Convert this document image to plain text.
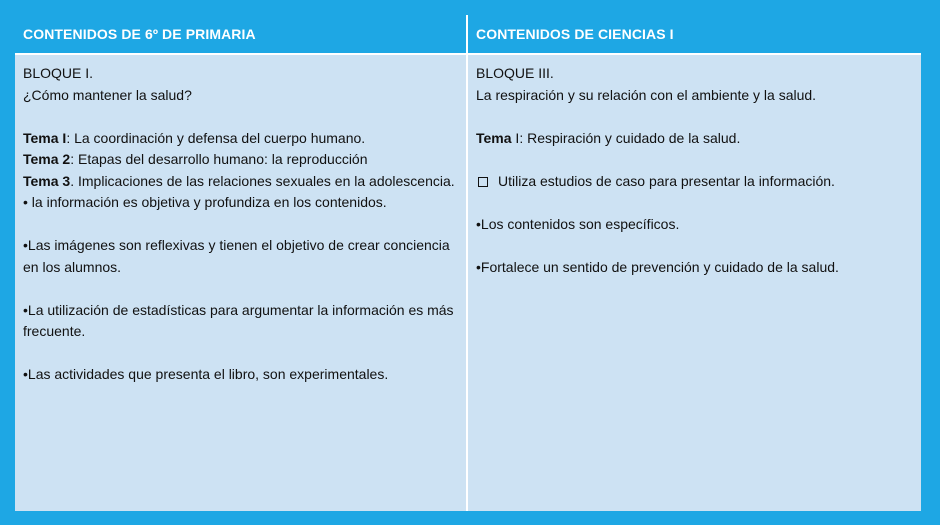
CONTENIDOS DE 6º DE PRIMARIA	CONTENIDOS DE CIENCIAS I
BLOQUE I.
¿Cómo mantener la salud?
Tema I: La coordinación y defensa del cuerpo humano.
Tema 2: Etapas del desarrollo humano: la reproducción
Tema 3. Implicaciones de las relaciones sexuales en la adolescencia.
• la información es objetiva y profundiza en los contenidos.
•Las imágenes son reflexivas y tienen el objetivo de crear conciencia en los alumnos.
•La utilización de estadísticas para argumentar la información es más frecuente.
•Las actividades que presenta el libro, son experimentales.
BLOQUE III.
La respiración y su relación con el ambiente y la salud.
Tema I: Respiración y cuidado de la salud.
Utiliza estudios de caso para presentar la información.
•Los contenidos son específicos.
•Fortalece un sentido de prevención y cuidado de la salud.
